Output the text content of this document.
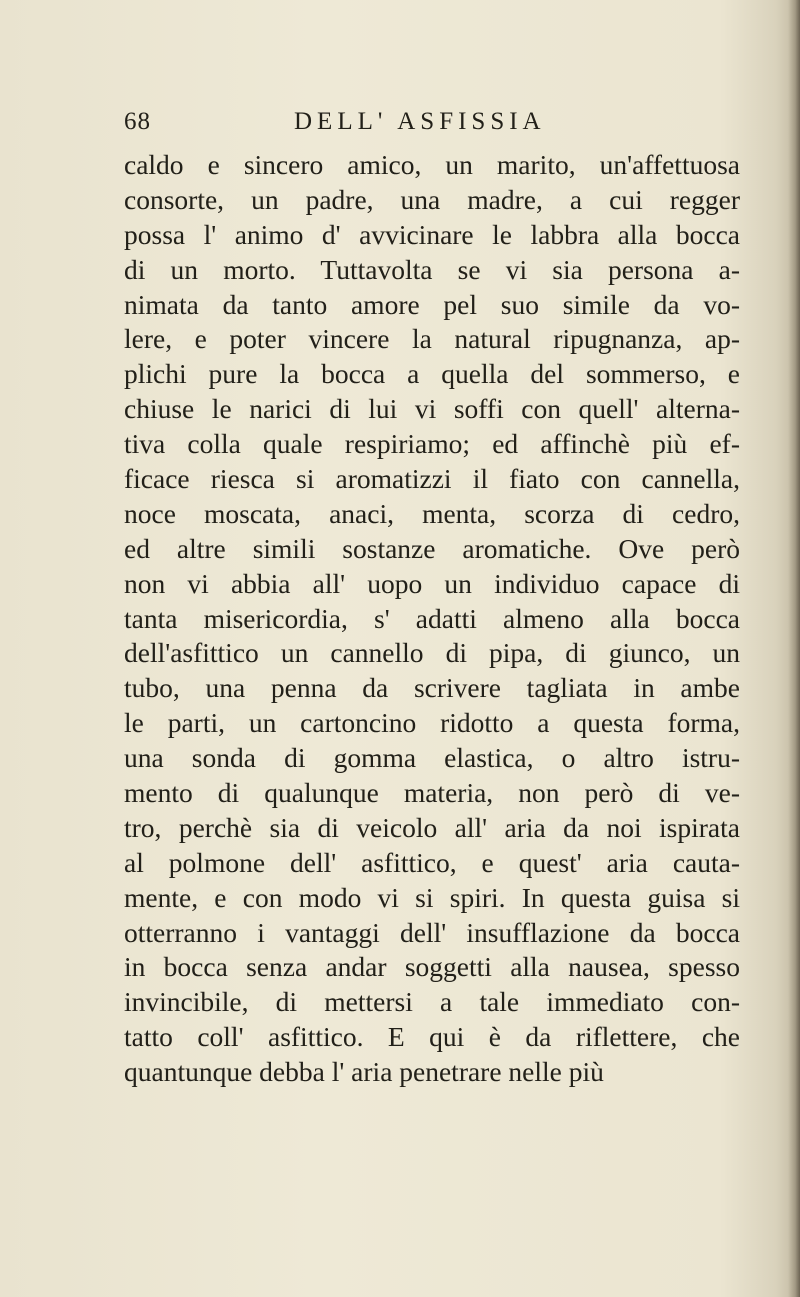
68	DELL' ASFISSIA
caldo e sincero amico, un marito, un'affettuosa
consorte, un padre, una madre, a cui regger
possa l' animo d' avvicinare le labbra alla bocca
di un morto. Tuttavolta se vi sia persona a-
nimata da tanto amore pel suo simile da vo-
lere, e poter vincere la natural ripugnanza, ap-
plichi pure la bocca a quella del sommerso, e
chiuse le narici di lui vi soffi con quell' alterna-
tiva colla quale respiriamo; ed affinchè più ef-
ficace riesca si aromatizzi il fiato con cannella,
noce moscata, anaci, menta, scorza di cedro,
ed altre simili sostanze aromatiche. Ove però
non vi abbia all' uopo un individuo capace di
tanta misericordia, s' adatti almeno alla bocca
dell'asfittico un cannello di pipa, di giunco, un
tubo, una penna da scrivere tagliata in ambe
le parti, un cartoncino ridotto a questa forma,
una sonda di gomma elastica, o altro istru-
mento di qualunque materia, non però di ve-
tro, perchè sia di veicolo all' aria da noi ispirata
al polmone dell' asfittico, e quest' aria cauta-
mente, e con modo vi si spiri. In questa guisa si
otterranno i vantaggi dell' insufflazione da bocca
in bocca senza andar soggetti alla nausea, spesso
invincibile, di mettersi a tale immediato con-
tatto coll' asfittico. E qui è da riflettere, che
quantunque debba l' aria penetrare nelle più
